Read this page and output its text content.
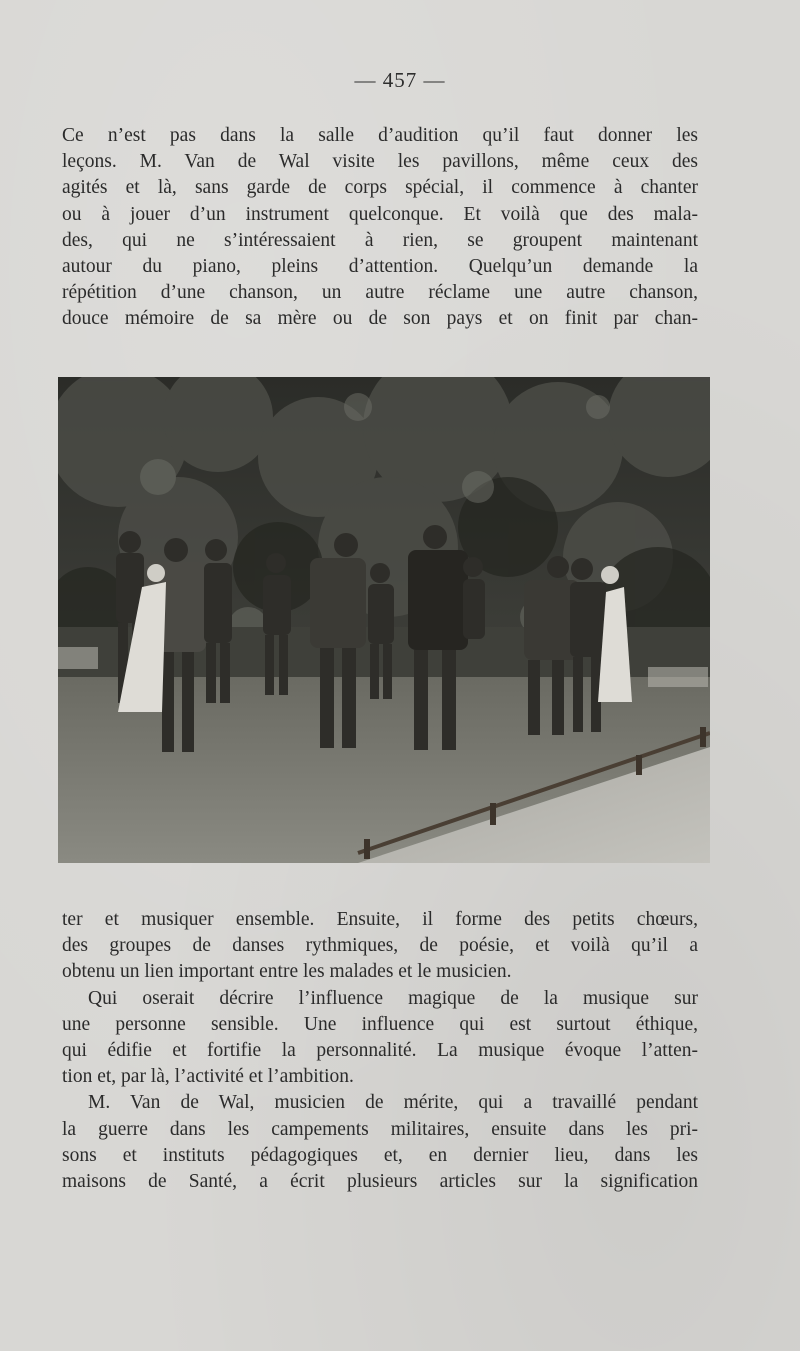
— 457 —
Ce n’est pas dans la salle d’audition qu’il faut donner les
leçons. M. Van de Wal visite les pavillons, même ceux des
agités et là, sans garde de corps spécial, il commence à chanter
ou à jouer d’un instrument quelconque. Et voilà que des mala-
des, qui ne s’intéressaient à rien, se groupent maintenant
autour du piano, pleins d’attention. Quelqu’un demande la
répétition d’une chanson, un autre réclame une autre chanson,
douce mémoire de sa mère ou de son pays et on finit par chan-
ter et musiquer ensemble. Ensuite, il forme des petits chœurs,
des groupes de danses rythmiques, de poésie, et voilà qu’il a
obtenu un lien important entre les malades et le musicien.
Qui oserait décrire l’influence magique de la musique sur
une personne sensible. Une influence qui est surtout éthique,
qui édifie et fortifie la personnalité. La musique évoque l’atten-
tion et, par là, l’activité et l’ambition.
M. Van de Wal, musicien de mérite, qui a travaillé pendant
la guerre dans les campements militaires, ensuite dans les pri-
sons et instituts pédagogiques et, en dernier lieu, dans les
maisons de Santé, a écrit plusieurs articles sur la signification
